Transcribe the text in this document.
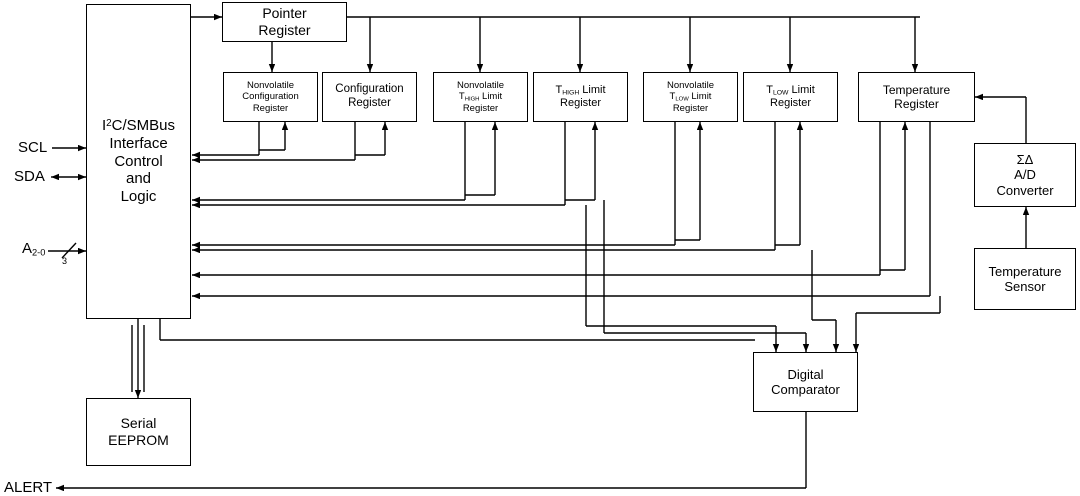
SCL
SDA
$A_{2-0}$
3
ALERT
$I^2C$/SMBus
Interface
Control
and
Logic
Pointer
Register
Nonvolatile
Configuration
Register
Configuration
Register
Nonvolatile
$T_{HIGH}$ Limit
Register
$T_{HIGH}$ Limit
Register
Nonvolatile
$T_{LOW}$ Limit
Register
$T_{LOW}$ Limit
Register
Temperature
Register
ΣΔ
A/D
Converter
Temperature
Sensor
Serial
EEPROM
Digital
Comparator
